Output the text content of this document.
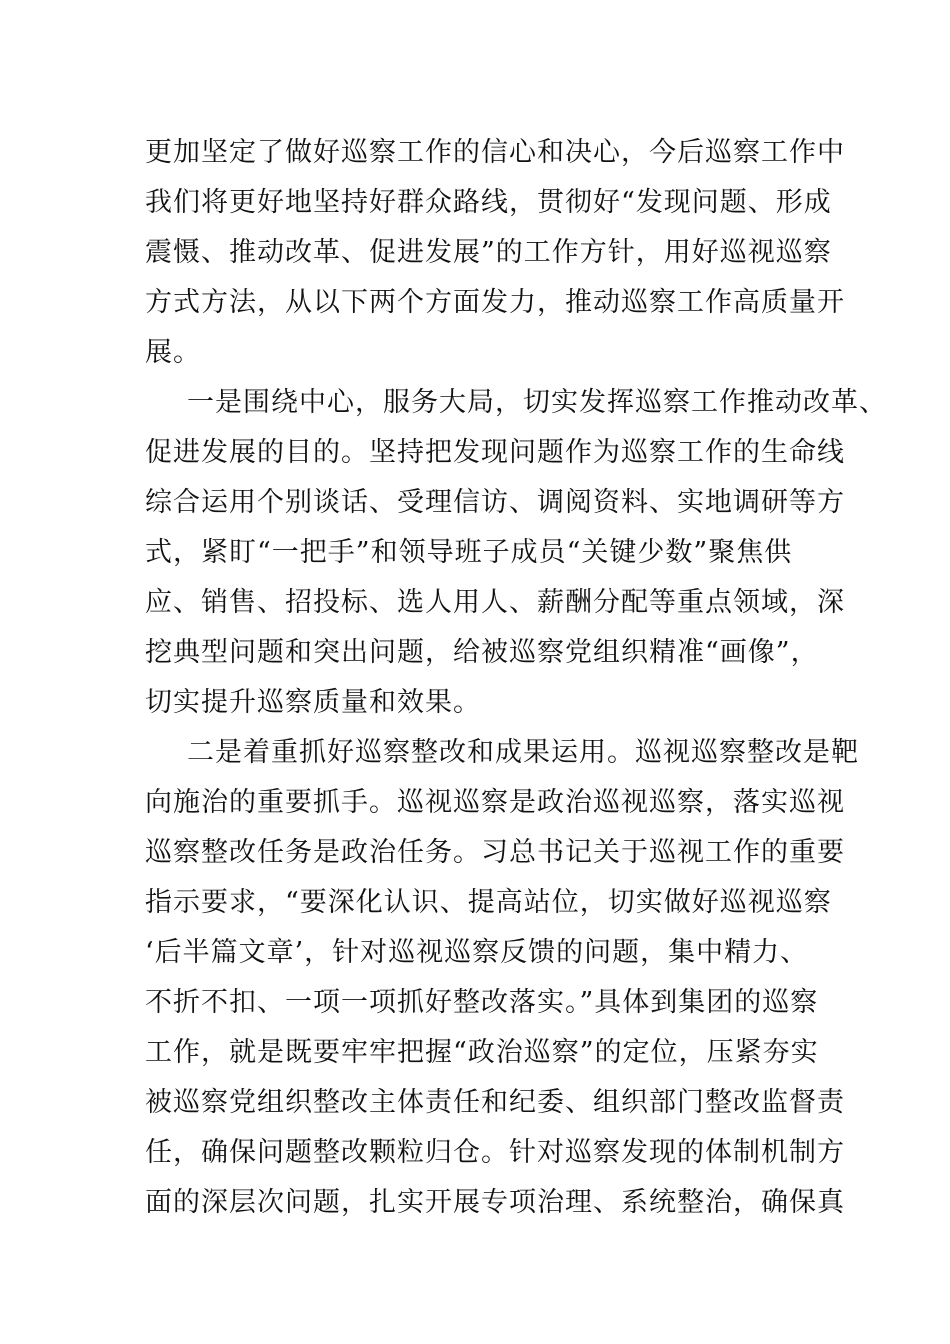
更加坚定了做好巡察工作的信心和决心，今后巡察工作中
我们将更好地坚持好群众路线，贯彻好“发现问题、形成
震慑、推动改革、促进发展”的工作方针，用好巡视巡察
方式方法，从以下两个方面发力，推动巡察工作高质量开
展。
一是围绕中心，服务大局，切实发挥巡察工作推动改革、
促进发展的目的。坚持把发现问题作为巡察工作的生命线
综合运用个别谈话、受理信访、调阅资料、实地调研等方
式，紧盯“一把手”和领导班子成员“关键少数”聚焦供
应、销售、招投标、选人用人、薪酬分配等重点领域，深
挖典型问题和突出问题，给被巡察党组织精准“画像”，
切实提升巡察质量和效果。
二是着重抓好巡察整改和成果运用。巡视巡察整改是靶
向施治的重要抓手。巡视巡察是政治巡视巡察，落实巡视
巡察整改任务是政治任务。习总书记关于巡视工作的重要
指示要求，“要深化认识、提高站位，切实做好巡视巡察
‘后半篇文章’，针对巡视巡察反馈的问题，集中精力、
不折不扣、一项一项抓好整改落实。”具体到集团的巡察
工作，就是既要牢牢把握“政治巡察”的定位，压紧夯实
被巡察党组织整改主体责任和纪委、组织部门整改监督责
任，确保问题整改颗粒归仓。针对巡察发现的体制机制方
面的深层次问题，扎实开展专项治理、系统整治，确保真
